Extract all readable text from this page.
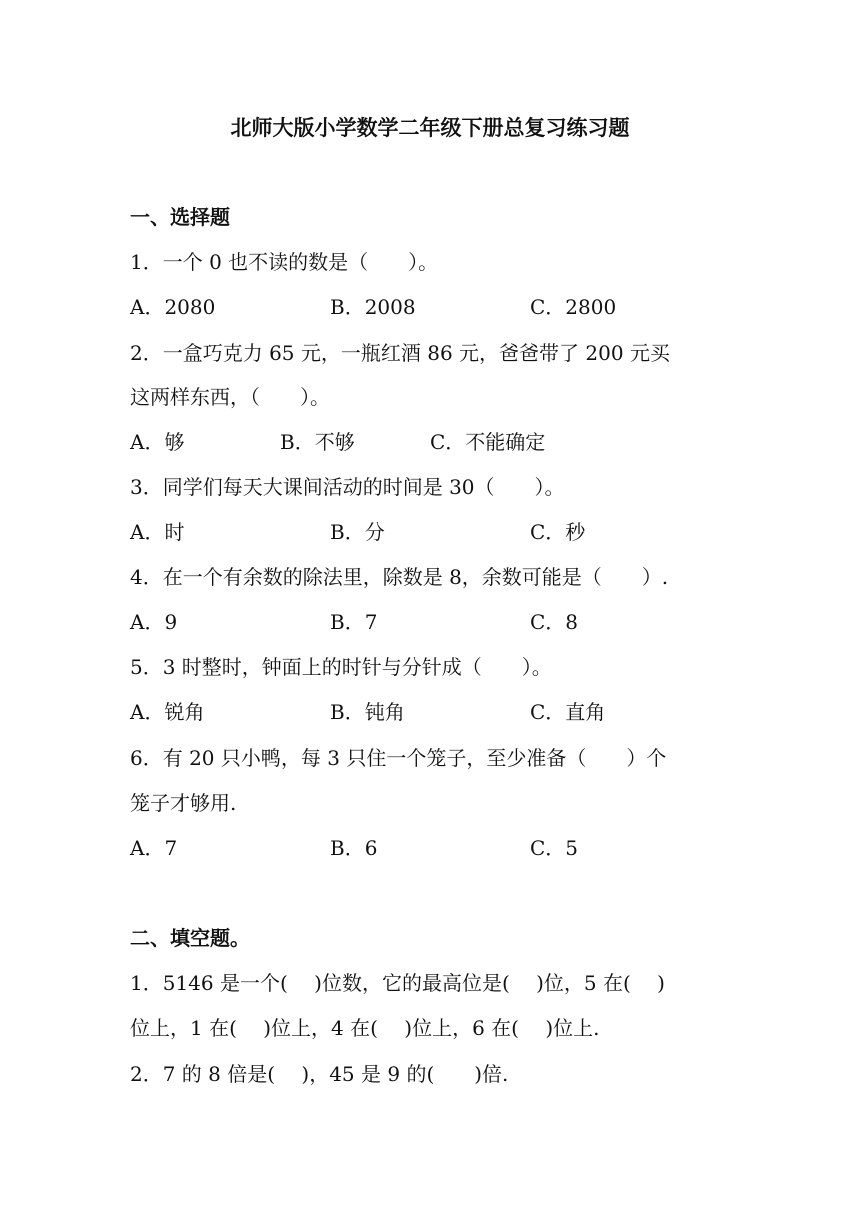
北师大版小学数学二年级下册总复习练习题
一、选择题
1．一个 0 也不读的数是（　　）。
A．2080	B．2008	C．2800
2．一盒巧克力 65 元，一瓶红酒 86 元，爸爸带了 200 元买
这两样东西，（　　）。
A．够	B．不够	C．不能确定
3．同学们每天大课间活动的时间是 30（　　）。
A．时	B．分	C．秒
4．在一个有余数的除法里，除数是 8，余数可能是（　　）.
A．9	B．7	C．8
5．3 时整时，钟面上的时针与分针成（　　）。
A．锐角	B．钝角	C．直角
6．有 20 只小鸭，每 3 只住一个笼子，至少准备（　　）个
笼子才够用.
A．7	B．6	C．5
二、填空题。
1．5146 是一个(　 )位数，它的最高位是(　 )位，5 在(　 )
位上，1 在(　 )位上，4 在(　 )位上，6 在(　 )位上.
2．7 的 8 倍是(　 )，45 是 9 的(　　)倍.
